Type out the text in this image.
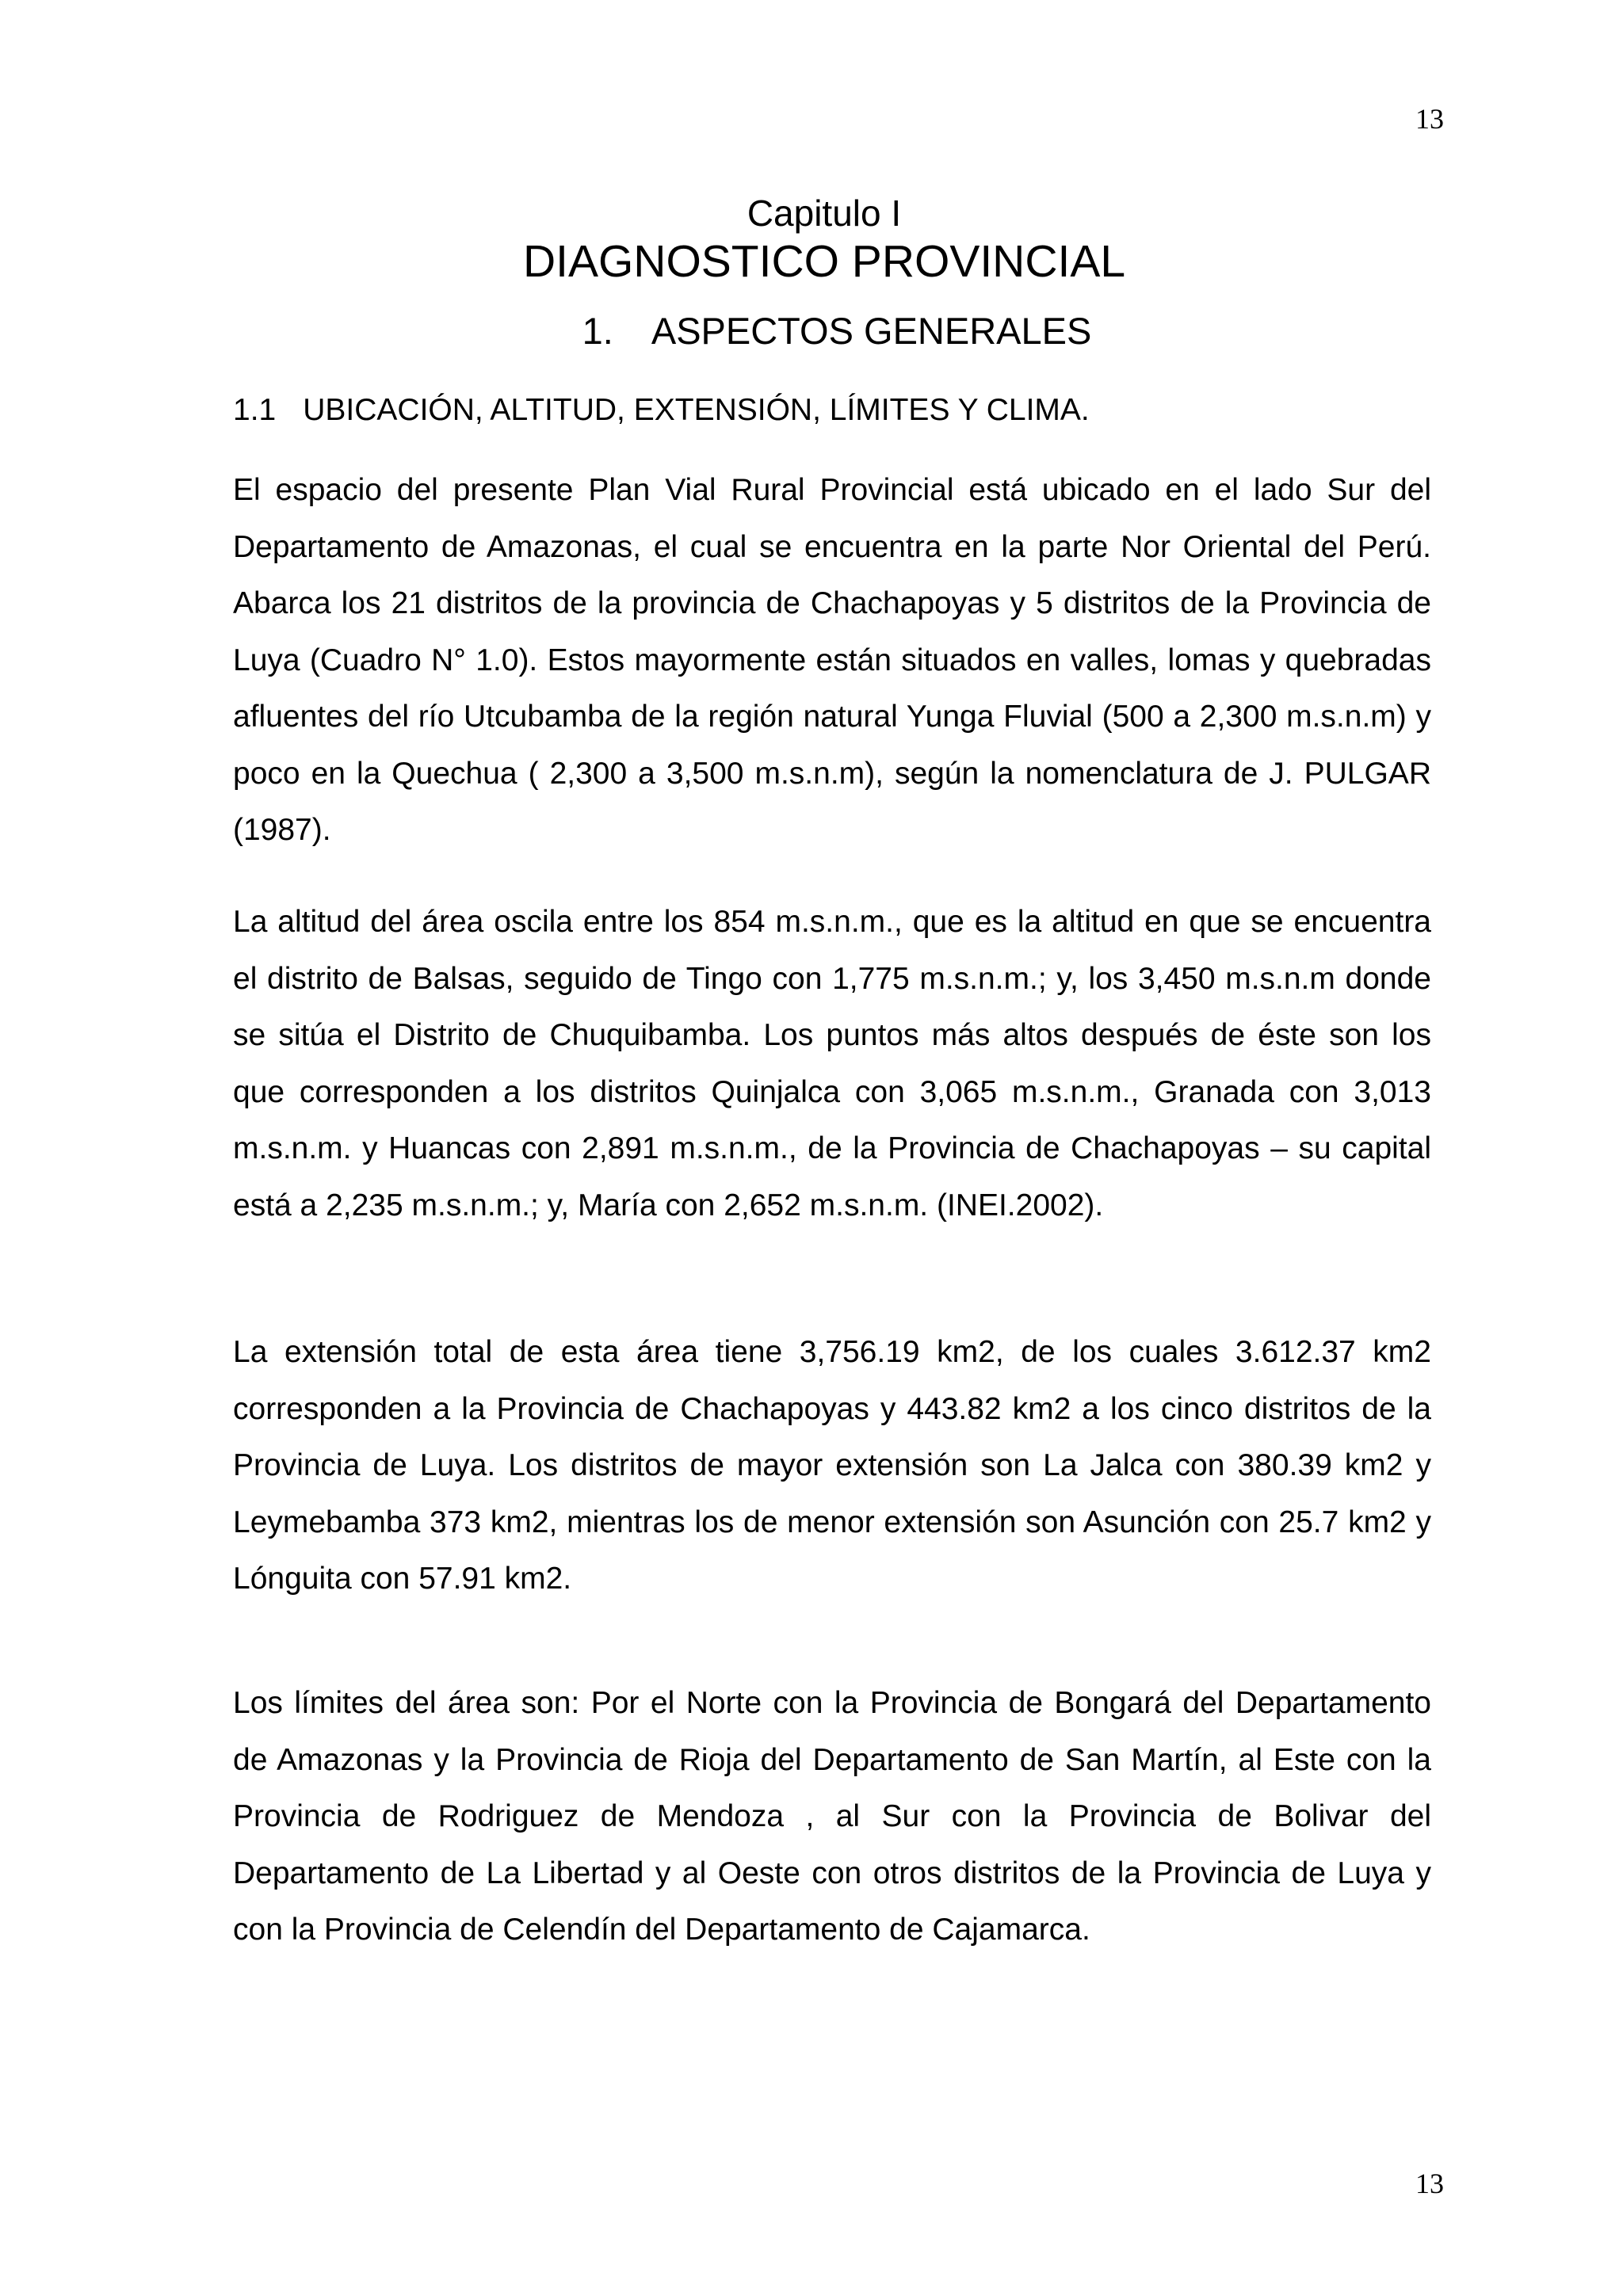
13
Capitulo I
DIAGNOSTICO PROVINCIAL
1. ASPECTOS GENERALES
1.1 UBICACIÓN, ALTITUD, EXTENSIÓN, LÍMITES Y CLIMA.

El espacio del presente Plan Vial Rural Provincial está ubicado en el lado Sur del Departamento de Amazonas, el cual se encuentra en la parte Nor Oriental del Perú. Abarca los 21 distritos de la provincia de Chachapoyas y 5 distritos de la Provincia de Luya (Cuadro N° 1.0). Estos mayormente están situados en valles, lomas y quebradas afluentes del río Utcubamba de la región natural Yunga Fluvial (500 a 2,300 m.s.n.m) y poco en la Quechua ( 2,300 a 3,500 m.s.n.m), según la nomenclatura de J. PULGAR (1987).

La altitud del área oscila entre los 854 m.s.n.m., que es la altitud en que se encuentra el distrito de Balsas, seguido de Tingo con 1,775 m.s.n.m.; y, los 3,450 m.s.n.m donde se sitúa el Distrito de Chuquibamba. Los puntos más altos después de éste son los que corresponden a los distritos Quinjalca con 3,065 m.s.n.m., Granada con 3,013 m.s.n.m. y Huancas con 2,891 m.s.n.m., de la Provincia de Chachapoyas – su capital está a 2,235 m.s.n.m.; y, María con 2,652 m.s.n.m. (INEI.2002).

La extensión total de esta área tiene 3,756.19 km2, de los cuales 3.612.37 km2 corresponden a la Provincia de Chachapoyas y 443.82 km2 a los cinco distritos de la Provincia de Luya. Los distritos de mayor extensión son La Jalca con 380.39 km2 y Leymebamba 373 km2, mientras los de menor extensión son Asunción con 25.7 km2 y Lónguita con 57.91 km2.

Los límites del área son: Por el Norte con la Provincia de Bongará del Departamento de Amazonas y la Provincia de Rioja del Departamento de San Martín, al Este con la Provincia de Rodriguez de Mendoza , al Sur con la Provincia de Bolivar del Departamento de La Libertad y al Oeste con otros distritos de la Provincia de Luya y con la Provincia de Celendín del Departamento de Cajamarca.

13
